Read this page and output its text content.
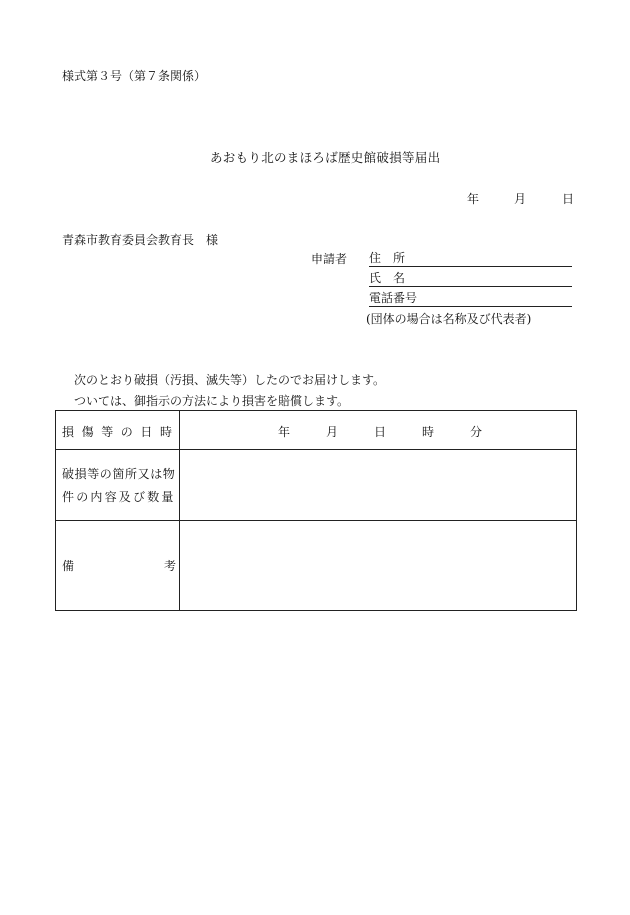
様式第３号（第７条関係）
あおもり北のまほろば歴史館破損等届出
年	月	日
青森市教育委員会教育長　様
申請者 住　所
氏　名
電話番号
(団体の場合は名称及び代表者)
次のとおり破損（汚損、滅失等）したのでお届けします。
ついては、御指示の方法により損害を賠償します。
損 傷 等 の 日 時	年	月	日	時	分
破損等の箇所又は物
件の内容及び数量
備	考
